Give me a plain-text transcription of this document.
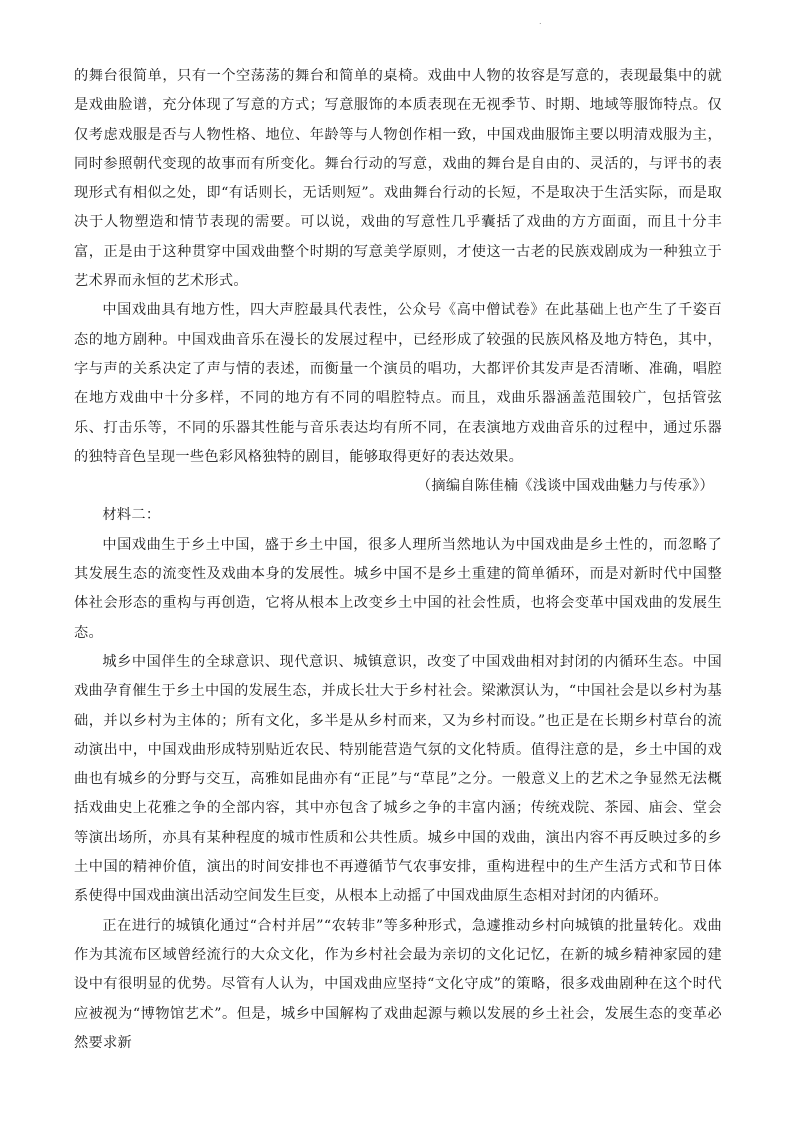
.

的舞台很简单，只有一个空荡荡的舞台和简单的桌椅。戏曲中人物的妆容是写意的，表现最集中的就是戏曲脸谱，充分体现了写意的方式；写意服饰的本质表现在无视季节、时期、地域等服饰特点。仅仅考虑戏服是否与人物性格、地位、年龄等与人物创作相一致，中国戏曲服饰主要以明清戏服为主，同时参照朝代变现的故事而有所变化。舞台行动的写意，戏曲的舞台是自由的、灵活的，与评书的表现形式有相似之处，即“有话则长，无话则短”。戏曲舞台行动的长短，不是取决于生活实际，而是取决于人物塑造和情节表现的需要。可以说，戏曲的写意性几乎囊括了戏曲的方方面面，而且十分丰富，正是由于这种贯穿中国戏曲整个时期的写意美学原则，才使这一古老的民族戏剧成为一种独立于艺术界而永恒的艺术形式。

中国戏曲具有地方性，四大声腔最具代表性，公众号《高中僧试卷》在此基础上也产生了千姿百态的地方剧种。中国戏曲音乐在漫长的发展过程中，已经形成了较强的民族风格及地方特色，其中，字与声的关系决定了声与情的表述，而衡量一个演员的唱功，大都评价其发声是否清晰、准确，唱腔在地方戏曲中十分多样，不同的地方有不同的唱腔特点。而且，戏曲乐器涵盖范围较广，包括管弦乐、打击乐等，不同的乐器其性能与音乐表达均有所不同，在表演地方戏曲音乐的过程中，通过乐器的独特音色呈现一些色彩风格独特的剧目，能够取得更好的表达效果。

（摘编自陈佳楠《浅谈中国戏曲魅力与传承》）

材料二：

中国戏曲生于乡土中国，盛于乡土中国，很多人理所当然地认为中国戏曲是乡土性的，而忽略了其发展生态的流变性及戏曲本身的发展性。城乡中国不是乡土重建的简单循环，而是对新时代中国整体社会形态的重构与再创造，它将从根本上改变乡土中国的社会性质，也将会变革中国戏曲的发展生态。

城乡中国伴生的全球意识、现代意识、城镇意识，改变了中国戏曲相对封闭的内循环生态。中国戏曲孕育催生于乡土中国的发展生态，并成长壮大于乡村社会。梁漱溟认为，“中国社会是以乡村为基础，并以乡村为主体的；所有文化，多半是从乡村而来，又为乡村而设。”也正是在长期乡村草台的流动演出中，中国戏曲形成特别贴近农民、特别能营造气氛的文化特质。值得注意的是，乡土中国的戏曲也有城乡的分野与交互，高雅如昆曲亦有“正昆”与“草昆”之分。一般意义上的艺术之争显然无法概括戏曲史上花雅之争的全部内容，其中亦包含了城乡之争的丰富内涵；传统戏院、茶园、庙会、堂会等演出场所，亦具有某种程度的城市性质和公共性质。城乡中国的戏曲，演出内容不再反映过多的乡土中国的精神价值，演出的时间安排也不再遵循节气农事安排，重构进程中的生产生活方式和节日体系使得中国戏曲演出活动空间发生巨变，从根本上动摇了中国戏曲原生态相对封闭的内循环。

正在进行的城镇化通过“合村并居”“农转非”等多种形式，急遽推动乡村向城镇的批量转化。戏曲作为其流布区域曾经流行的大众文化，作为乡村社会最为亲切的文化记忆，在新的城乡精神家园的建设中有很明显的优势。尽管有人认为，中国戏曲应坚持“文化守成”的策略，很多戏曲剧种在这个时代应被视为“博物馆艺术”。但是，城乡中国解构了戏曲起源与赖以发展的乡土社会，发展生态的变革必然要求新
